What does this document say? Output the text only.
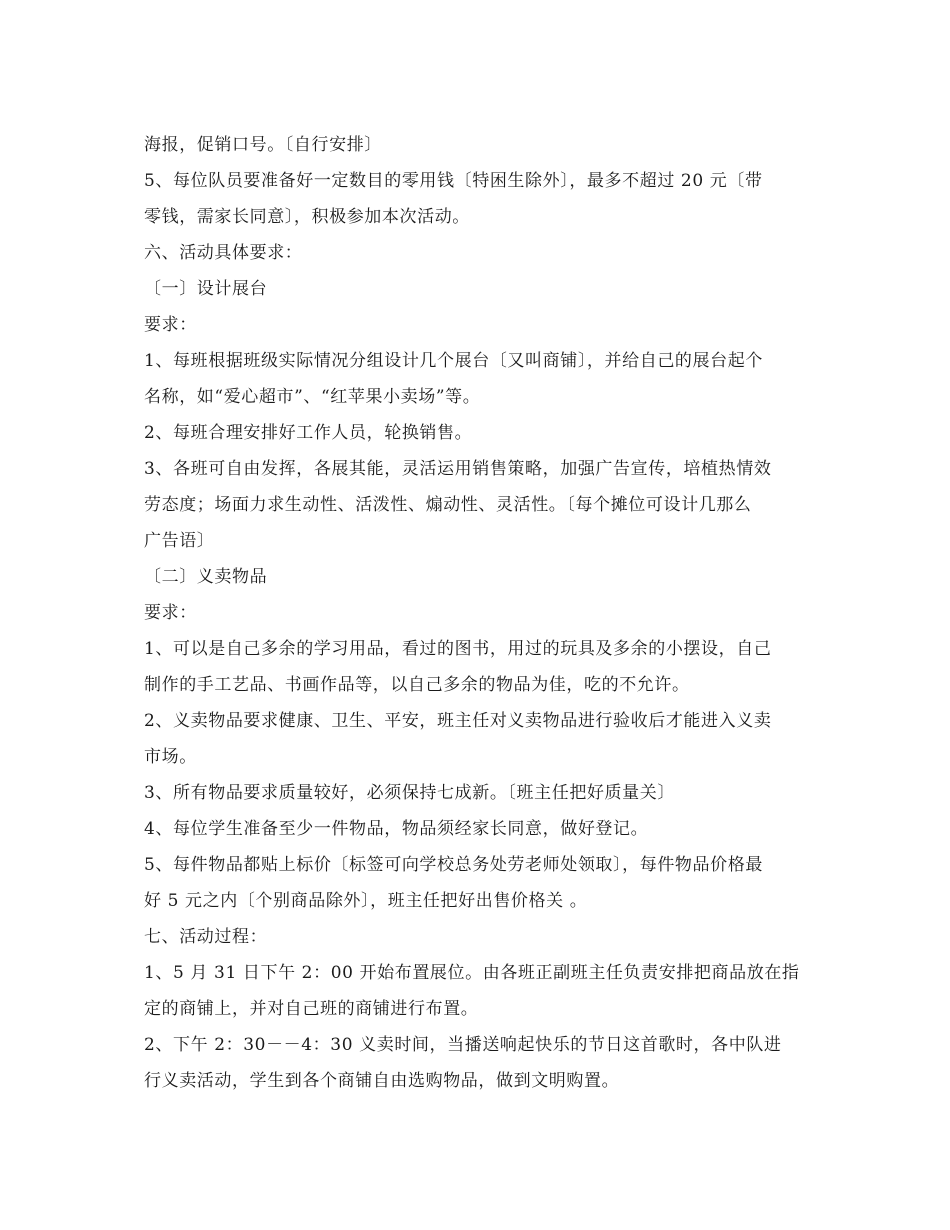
海报，促销口号。〔自行安排〕
5、每位队员要准备好一定数目的零用钱〔特困生除外〕，最多不超过 20 元〔带
零钱，需家长同意〕，积极参加本次活动。
六、活动具体要求：
〔一〕设计展台
要求：
1、每班根据班级实际情况分组设计几个展台〔又叫商铺〕，并给自己的展台起个
名称，如“爱心超市”、“红苹果小卖场”等。
2、每班合理安排好工作人员，轮换销售。
3、各班可自由发挥，各展其能，灵活运用销售策略，加强广告宣传，培植热情效
劳态度；场面力求生动性、活泼性、煽动性、灵活性。〔每个摊位可设计几那么
广告语〕
〔二〕义卖物品
要求：
1、可以是自己多余的学习用品，看过的图书，用过的玩具及多余的小摆设，自己
制作的手工艺品、书画作品等，以自己多余的物品为佳，吃的不允许。
2、义卖物品要求健康、卫生、平安，班主任对义卖物品进行验收后才能进入义卖
市场。
3、所有物品要求质量较好，必须保持七成新。〔班主任把好质量关〕
4、每位学生准备至少一件物品，物品须经家长同意，做好登记。
5、每件物品都贴上标价〔标签可向学校总务处劳老师处领取〕，每件物品价格最
好 5 元之内〔个别商品除外〕，班主任把好出售价格关 。
七、活动过程：
1、5 月 31 日下午 2：00 开始布置展位。由各班正副班主任负责安排把商品放在指
定的商铺上，并对自己班的商铺进行布置。
2、下午 2：30－－4：30 义卖时间，当播送响起快乐的节日这首歌时，各中队进
行义卖活动，学生到各个商铺自由选购物品，做到文明购置。
